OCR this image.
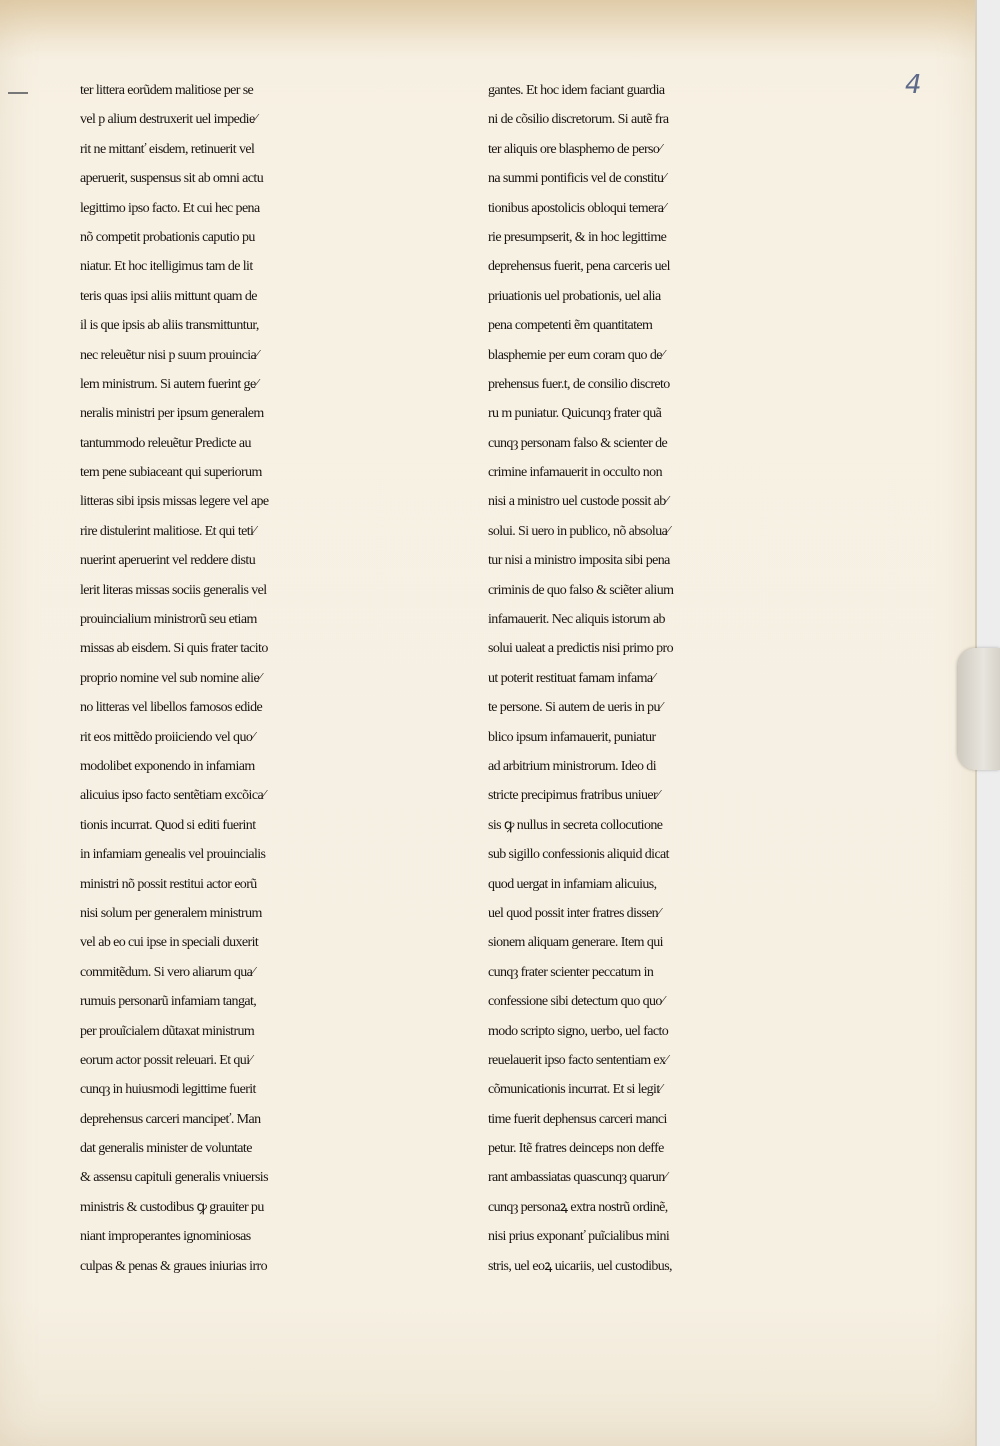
4
ter littera eorũdem malitiose per se
vel p alium destruxerit uel impedie⁄
rit ne mittanť eisdem, retinuerit vel
aperuerit, suspensus sit ab omni actu
legittimo ipso facto. Et cui hec pena
nõ competit probationis caputio pu
niatur. Et hoc itelligimus tam de lit
teris quas ipsi aliis mittunt quam de
il is que ipsis ab aliis transmittuntur,
nec releuẽtur nisi p suum prouincia⁄
lem ministrum. Si autem fuerint ge⁄
neralis ministri per ipsum generalem
tantummodo releuẽtur Predicte au
tem pene subiaceant qui superiorum
litteras sibi ipsis missas legere vel ape
rire distulerint malitiose. Et qui teti⁄
nuerint aperuerint vel reddere distu
lerit literas missas sociis generalis vel
prouincialium ministrorũ seu etiam
missas ab eisdem. Si quis frater tacito
proprio nomine vel sub nomine alie⁄
no litteras vel libellos famosos edide
rit eos mittẽdo proiiciendo vel quo⁄
modolibet exponendo in infamiam
alicuius ipso facto sentẽtiam excõica⁄
tionis incurrat. Quod si editi fuerint
in infamiam genealis vel prouincialis
ministri nõ possit restitui actor eorũ
nisi solum per generalem ministrum
vel ab eo cui ipse in speciali duxerit
commitẽdum. Si vero aliarum qua⁄
rumuis personarũ infamiam tangat,
per prouĩcialem dũtaxat ministrum
eorum actor possit releuari. Et qui⁄
cunqȝ in huiusmodi legittime fuerit
deprehensus carceri mancipeť. Man
dat generalis minister de voluntate
& assensu capituli generalis vniuersis
ministris & custodibus ꝙ grauiter pu
niant improperantes ignominiosas
culpas & penas & graues iniurias irro
gantes. Et hoc idem faciant guardia
ni de cõsilio discretorum. Si autẽ fra
ter aliquis ore blasphemo de perso⁄
na summi pontificis vel de constitu⁄
tionibus apostolicis obloqui temera⁄
rie presumpserit, & in hoc legittime
deprehensus fuerit, pena carceris uel
priuationis uel probationis, uel alia
pena competenti ẽm quantitatem
blasphemie per eum coram quo de⁄
prehensus fuer.t, de consilio discreto
ru m puniatur. Quicunqȝ frater quã
cunqȝ personam falso & scienter de
crimine infamauerit in occulto non
nisi a ministro uel custode possit ab⁄
solui. Si uero in publico, nõ absolua⁄
tur nisi a ministro imposita sibi pena
criminis de quo falso & sciẽter alium
infamauerit. Nec aliquis istorum ab
solui ualeat a predictis nisi primo pro
ut poterit restituat famam infama⁄
te persone. Si autem de ueris in pu⁄
blico ipsum infamauerit, puniatur
ad arbitrium ministrorum. Ideo di
stricte precipimus fratribus uniuer⁄
sis ꝙ nullus in secreta collocutione
sub sigillo confessionis aliquid dicat
quod uergat in infamiam alicuius,
uel quod possit inter fratres dissen⁄
sionem aliquam generare. Item qui
cunqȝ frater scienter peccatum in
confessione sibi detectum quo quo⁄
modo scripto signo, uerbo, uel facto
reuelauerit ipso facto sententiam ex⁄
cõmunicationis incurrat. Et si legit⁄
time fuerit dephensus carceri manci
petur. Itẽ fratres deinceps non deffe
rant ambassiatas quascunqȝ quarun⁄
cunqȝ personaꝝ extra nostrũ ordinẽ,
nisi prius exponanť puĩcialibus mini
stris, uel eoꝝ uicariis, uel custodibus,
